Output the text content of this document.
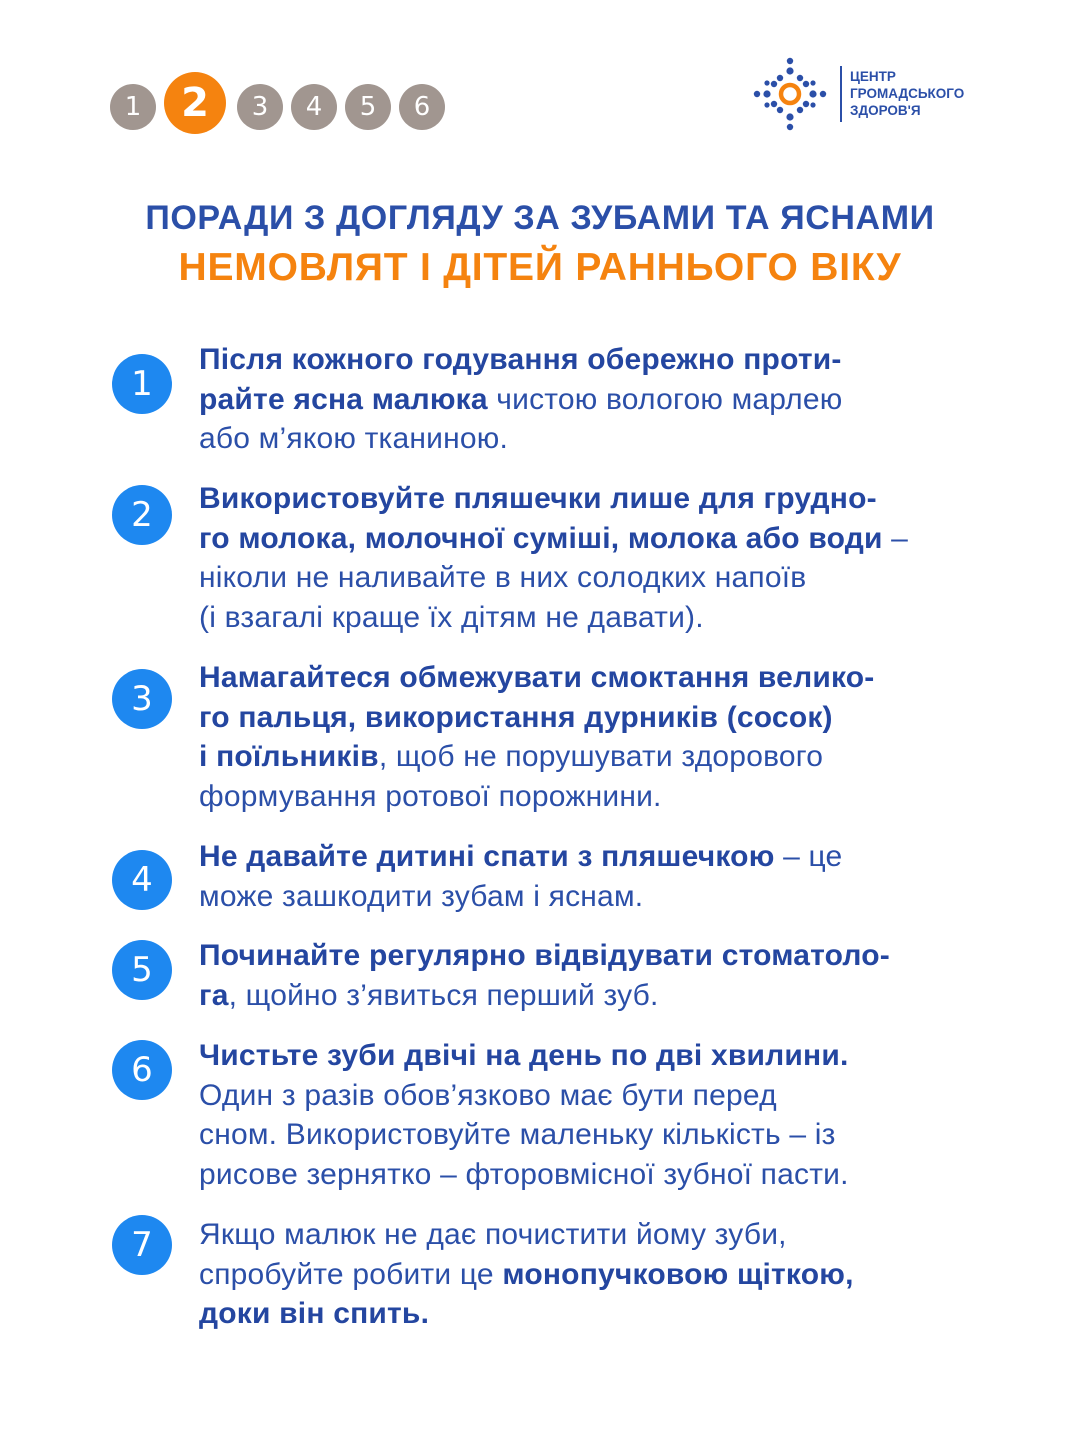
1 2	3	4	5	6
ЦЕНТР
ГРОМАДСЬКОГО
ЗДОРОВ'Я
ПОРАДИ З ДОГЛЯДУ ЗА ЗУБАМИ ТА ЯСНАМИ
НЕМОВЛЯТ І ДІТЕЙ РАННЬОГО ВІКУ
1
Після кожного годування обережно проти-
райте ясна малюка чистою вологою марлею
або м’якою тканиною.
2	Використовуйте пляшечки лише для грудно-
го молока, молочної суміші, молока або води –
ніколи не наливайте в них солодких напоїв
(і взагалі краще їх дітям не давати).
3
Намагайтеся обмежувати смоктання велико-
го пальця, використання дурників (сосок)
і поїльників, щоб не порушувати здорового
формування ротової порожнини.
4
Не давайте дитині спати з пляшечкою – це
може зашкодити зубам і яснам.
5	Починайте регулярно відвідувати стоматоло-
га, щойно з’явиться перший зуб.
6	Чистьте зуби двічі на день по дві хвилини.
Один з разів обов’язково має бути перед
сном. Використовуйте маленьку кількість – із
рисове зернятко – фторовмісної зубної пасти.
7	Якщо малюк не дає почистити йому зуби,
спробуйте робити це монопучковою щіткою,
доки він спить.
